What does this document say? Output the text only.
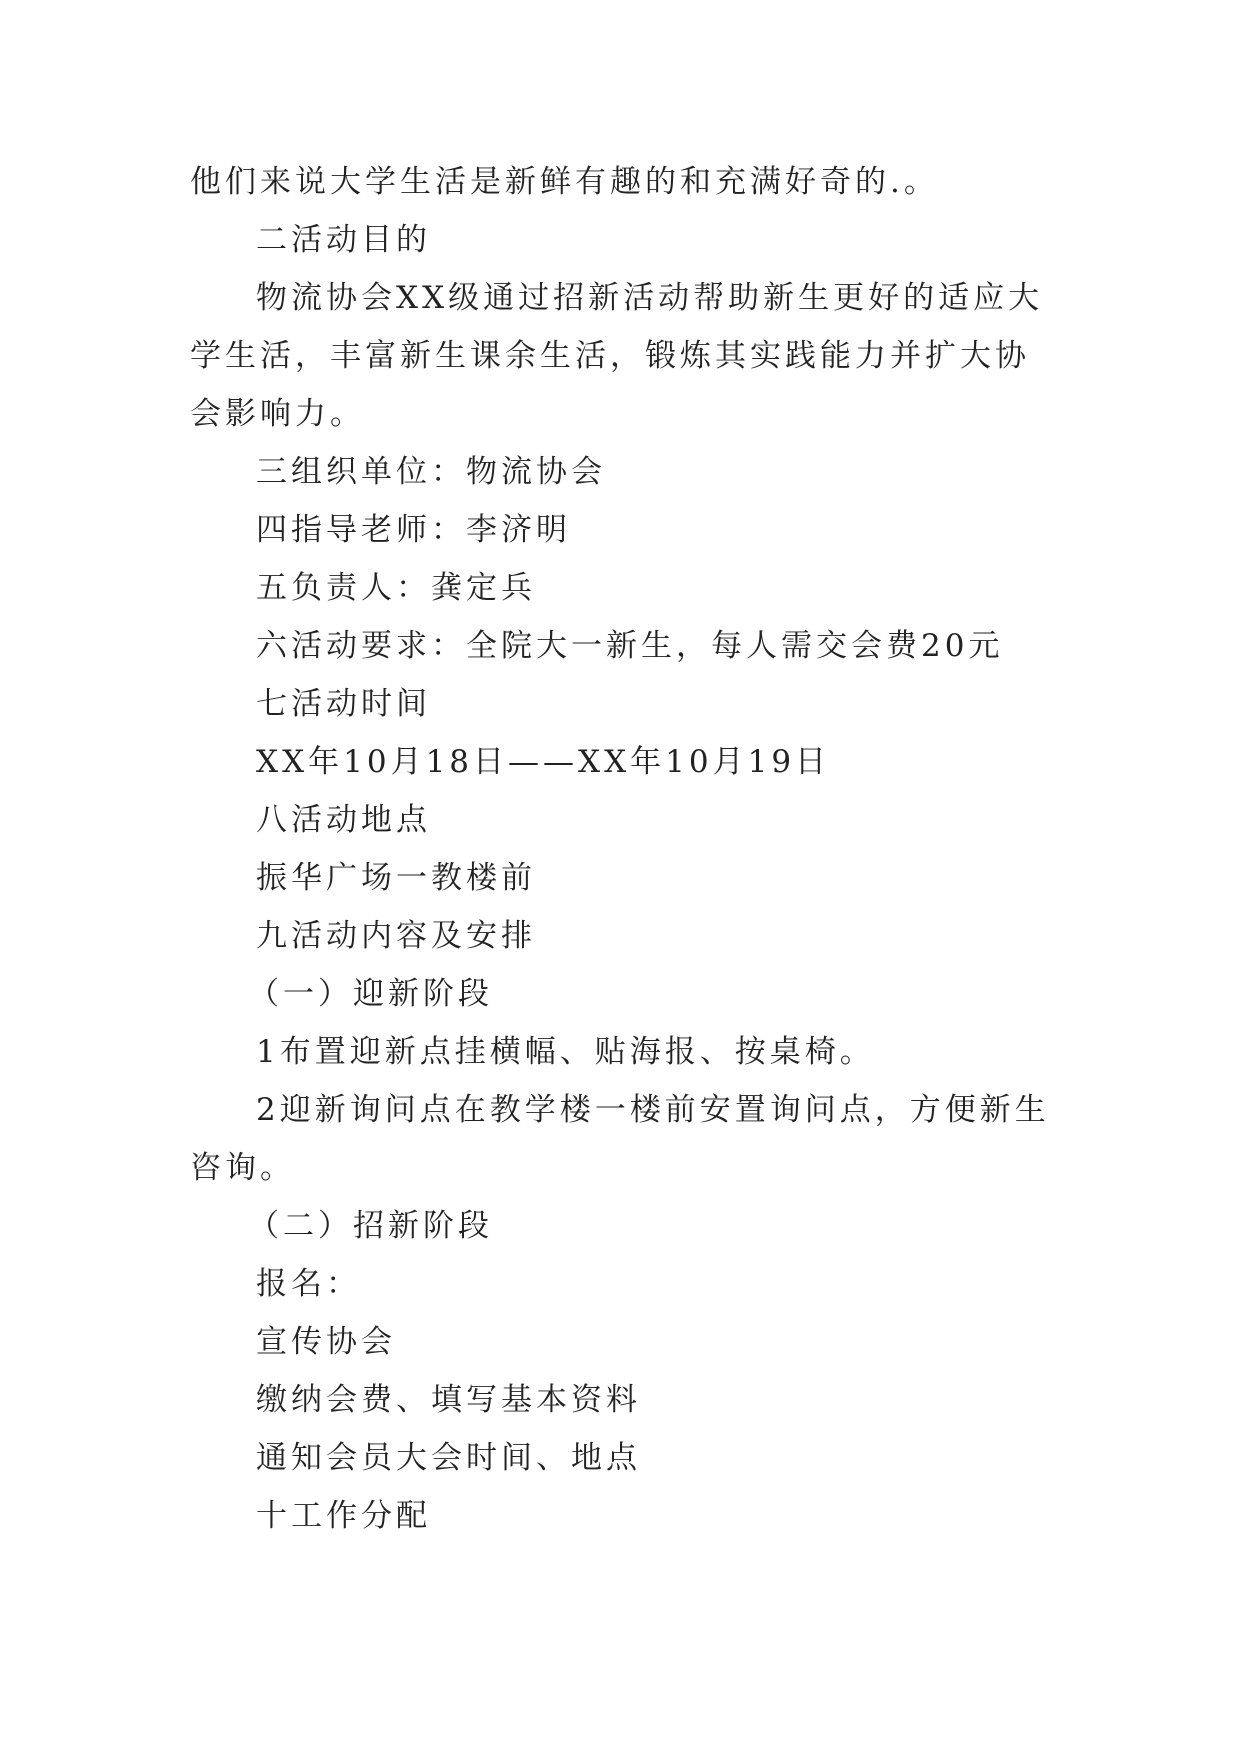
他们来说大学生活是新鲜有趣的和充满好奇的.。

二活动目的

物流协会XX级通过招新活动帮助新生更好的适应大学生活，丰富新生课余生活，锻炼其实践能力并扩大协会影响力。

三组织单位：物流协会

四指导老师：李济明

五负责人：龚定兵

六活动要求：全院大一新生，每人需交会费20元

七活动时间

XX年10月18日——XX年10月19日

八活动地点

振华广场一教楼前

九活动内容及安排

（一）迎新阶段

1布置迎新点挂横幅、贴海报、按桌椅。

2迎新询问点在教学楼一楼前安置询问点，方便新生咨询。

（二）招新阶段

报名：

宣传协会

缴纳会费、填写基本资料

通知会员大会时间、地点

十工作分配
